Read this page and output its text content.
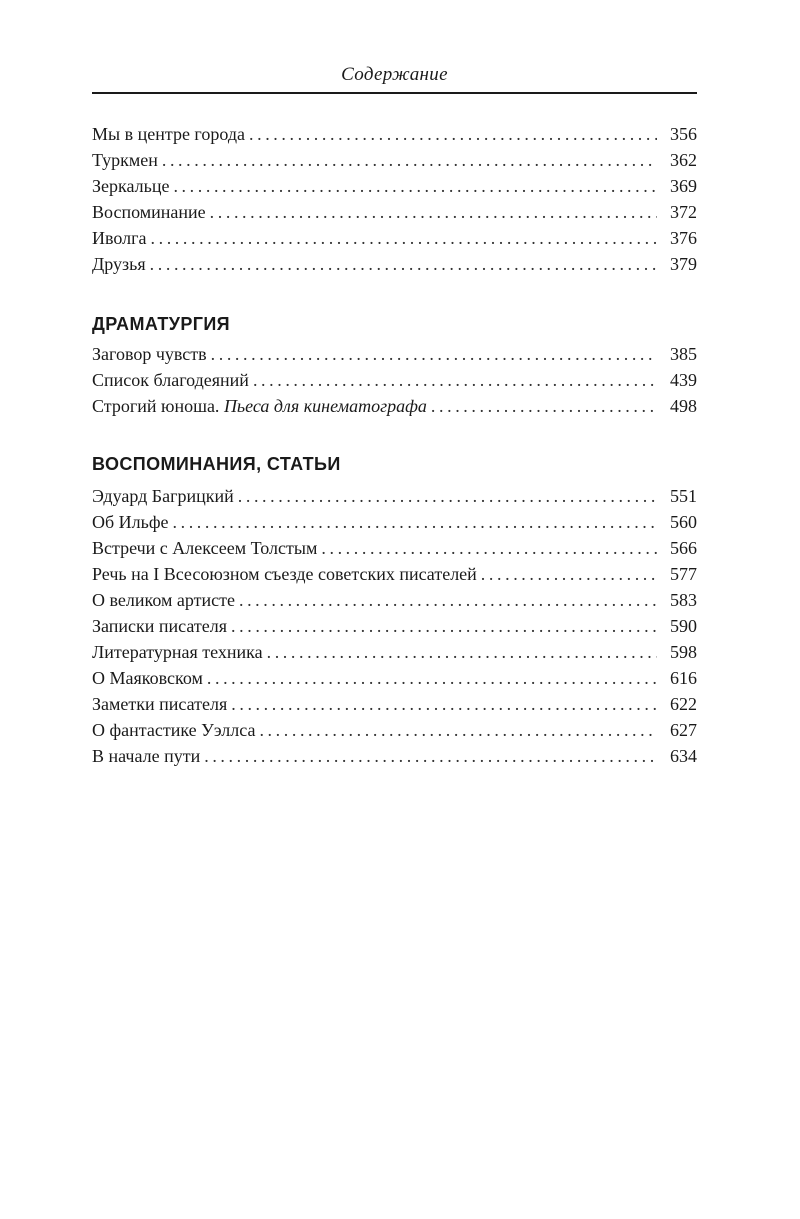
Содержание
Мы в центре города .....	356
Туркмен .....	362
Зеркальце .....	369
Воспоминание .....	372
Иволга .....	376
Друзья .....	379
ДРАМАТУРГИЯ
Заговор чувств .....	385
Список благодеяний .....	439
Строгий юноша. Пьеса для кинематографа .....	498
ВОСПОМИНАНИЯ, СТАТЬИ
Эдуард Багрицкий .....	551
Об Ильфе .....	560
Встречи с Алексеем Толстым .....	566
Речь на I Всесоюзном съезде советских писателей .....	577
О великом артисте .....	583
Записки писателя .....	590
Литературная техника .....	598
О Маяковском .....	616
Заметки писателя .....	622
О фантастике Уэллса .....	627
В начале пути .....	634
